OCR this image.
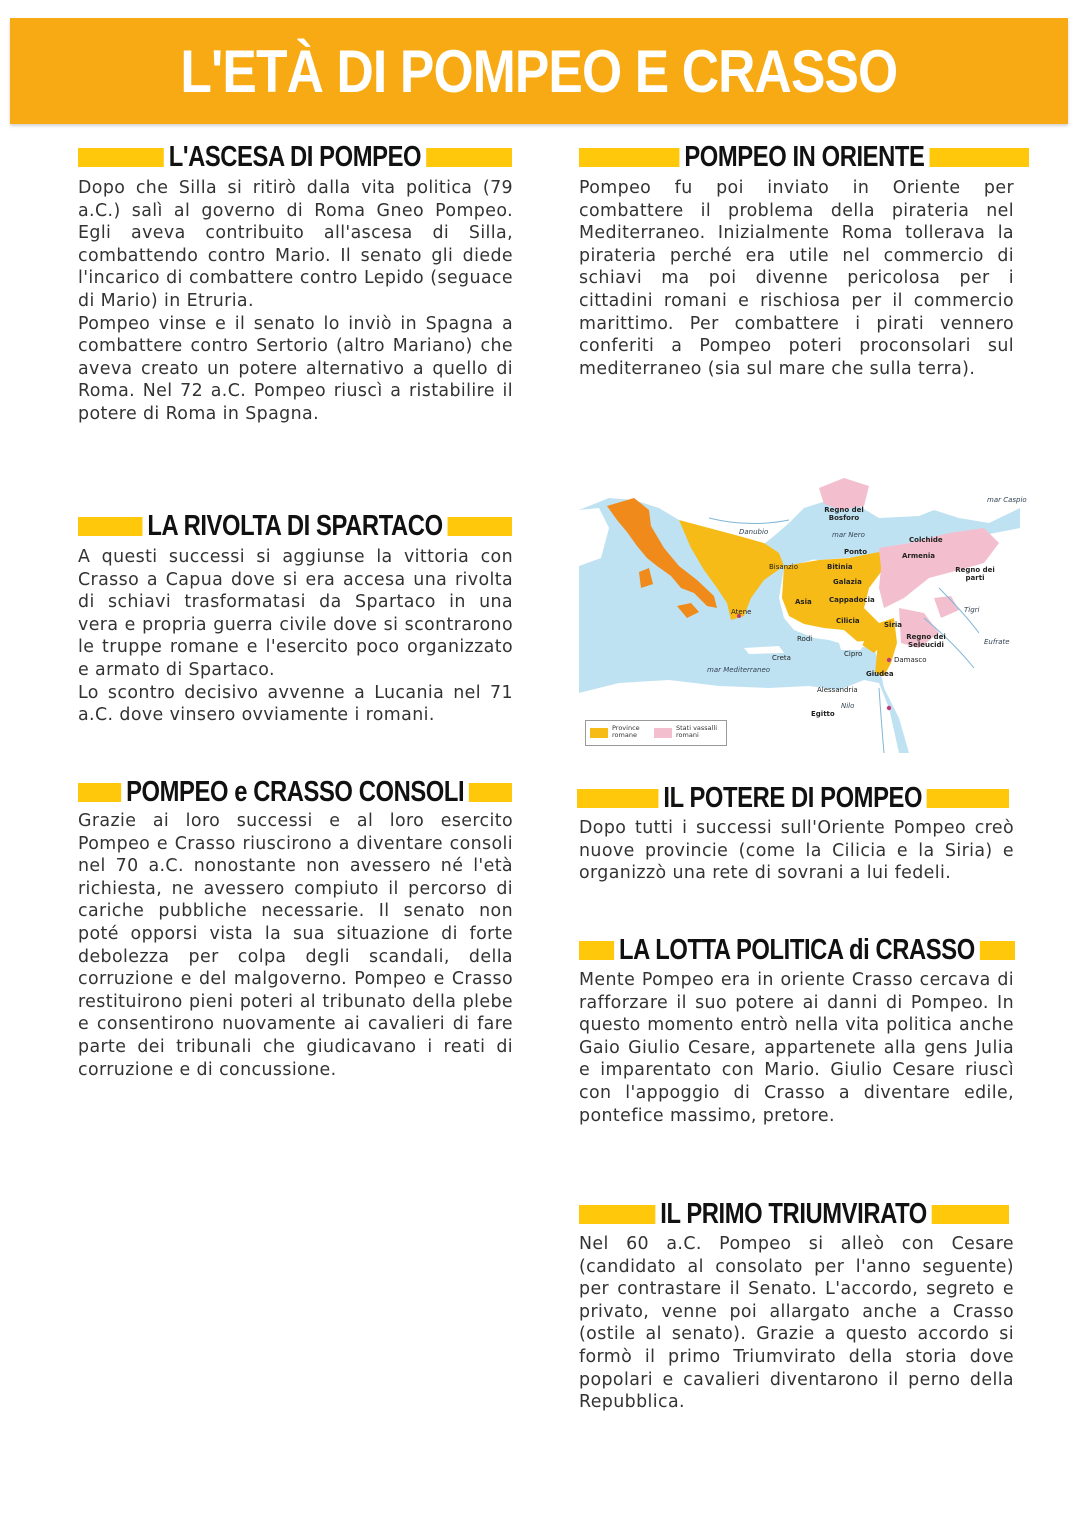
L'ETÀ DI POMPEO E CRASSO
L'ASCESA DI POMPEO

Dopo che Silla si ritirò dalla vita politica (79 a.C.) salì al governo di Roma Gneo Pompeo. Egli aveva contribuito all'ascesa di Silla, combattendo contro Mario. Il senato gli diede l'incarico di combattere contro Lepido (seguace di Mario) in Etruria.
Pompeo vinse e il senato lo inviò in Spagna a combattere contro Sertorio (altro Mariano) che aveva creato un potere alternativo a quello di Roma. Nel 72 a.C. Pompeo riuscì a ristabilire il potere di Roma in Spagna.

LA RIVOLTA DI SPARTACO

A questi successi si aggiunse la vittoria con Crasso a Capua dove si era accesa una rivolta di schiavi trasformatasi da Spartaco in una vera e propria guerra civile dove si scontrarono le truppe romane e l'esercito poco organizzato e armato di Spartaco.
Lo scontro decisivo avvenne a Lucania nel 71 a.C. dove vinsero ovviamente i romani.

POMPEO e CRASSO CONSOLI

Grazie ai loro successi e al loro esercito Pompeo e Crasso riuscirono a diventare consoli nel 70 a.C. nonostante non avessero né l'età richiesta, ne avessero compiuto il percorso di cariche pubbliche necessarie. Il senato non poté opporsi vista la sua situazione di forte debolezza per colpa degli scandali, della corruzione e del malgoverno. Pompeo e Crasso restituirono pieni poteri al tribunato della plebe e consentirono nuovamente ai cavalieri di fare parte dei tribunali che giudicavano i reati di corruzione e di concussione.

POMPEO IN ORIENTE

Pompeo fu poi inviato in Oriente per combattere il problema della pirateria nel Mediterraneo. Inizialmente Roma tollerava la pirateria perché era utile nel commercio di schiavi ma poi divenne pericolosa per i cittadini romani e rischiosa per il commercio marittimo. Per combattere i pirati vennero conferiti a Pompeo poteri proconsolari sul mediterraneo (sia sul mare che sulla terra).

Danubio	mar Nero
Regno del Bosforo
mar Caspio
Colchide
Armenia
Regno dei parti
Bisanzio
Ponto
Bitinia
Galazia
Cappadocia
Asia
Atene
Cilicia	Siria
Tigri
Eufrate
Regno dei Seleucidi
Rodi
Cipro
Damasco
Creta
mar Mediterraneo	Giudea
Alessandria
Nilo
Egitto
Province romane
Stati vassalli romani
IL POTERE DI POMPEO

Dopo tutti i successi sull'Oriente Pompeo creò nuove provincie (come la Cilicia e la Siria) e organizzò una rete di sovrani a lui fedeli.

LA LOTTA POLITICA di CRASSO

Mente Pompeo era in oriente Crasso cercava di rafforzare il suo potere ai danni di Pompeo. In questo momento entrò nella vita politica anche Gaio Giulio Cesare, appartenete alla gens Julia e imparentato con Mario. Giulio Cesare riuscì con l'appoggio di Crasso a diventare edile, pontefice massimo, pretore.

IL PRIMO TRIUMVIRATO

Nel 60 a.C. Pompeo si alleò con Cesare (candidato al consolato per l'anno seguente) per contrastare il Senato. L'accordo, segreto e privato, venne poi allargato anche a Crasso (ostile al senato). Grazie a questo accordo si formò il primo Triumvirato della storia dove popolari e cavalieri diventarono il perno della Repubblica.
